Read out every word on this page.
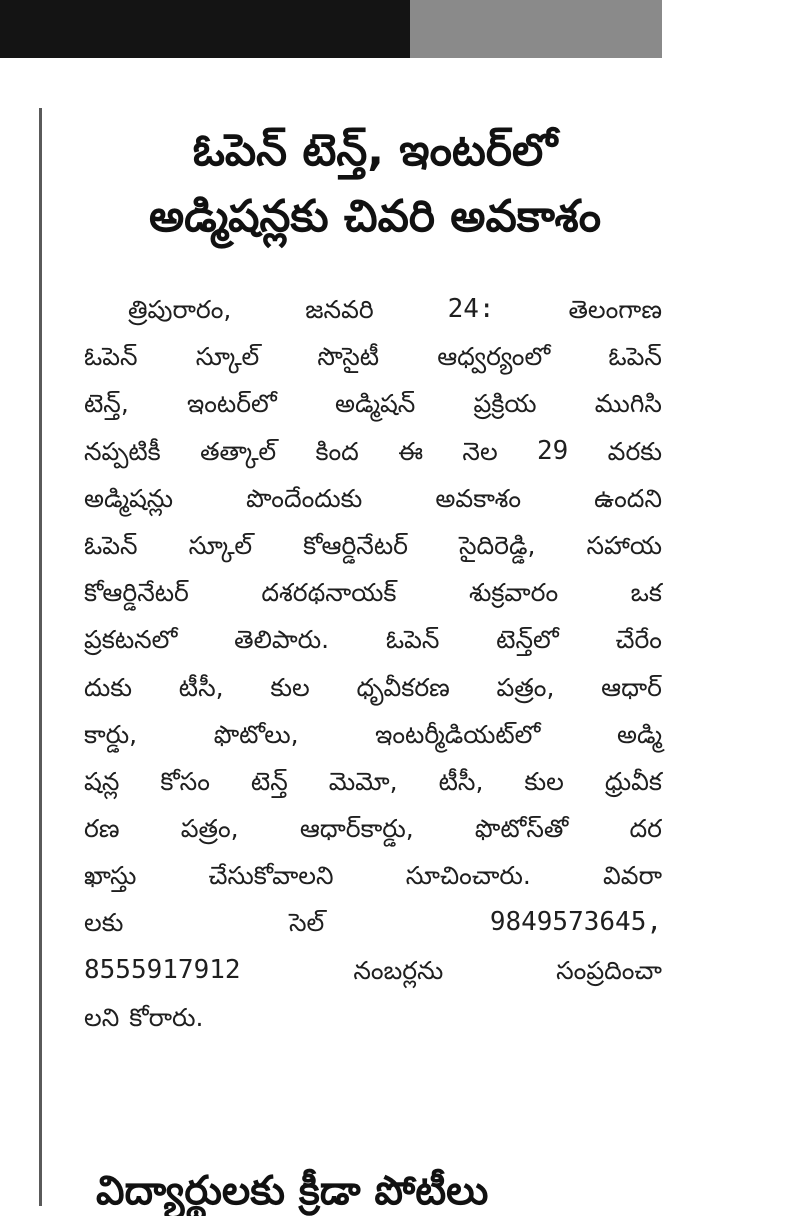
ఓపెన్ టెన్త్, ఇంటర్‌లో
అడ్మిషన్లకు చివరి అవకాశం
త్రిపురారం,	జనవరి	24:	తెలంగాణ
ఓపెన్ స్కూల్ సొసైటీ ఆధ్వర్యంలో ఓపెన్
టెన్త్, ఇంటర్‌లో అడ్మిషన్ ప్రక్రియ ముగిసి
నప్పటికీ తత్కాల్ కింద ఈ నెల 29 వరకు
అడ్మిషన్లు	పొందేందుకు	అవకాశం	ఉందని
ఓపెన్ స్కూల్ కోఆర్డినేటర్ సైదిరెడ్డి, సహాయ
కోఆర్డినేటర్	దశరథనాయక్	శుక్రవారం	ఒక
ప్రకటనలో తెలిపారు. ఓపెన్ టెన్త్‌లో చేరేం
దుకు టీసీ, కుల ధృవీకరణ పత్రం, ఆధార్
కార్డు,	ఫొటోలు,	ఇంటర్మీడియట్‌లో	అడ్మి
షన్ల కోసం టెన్త్ మెమో, టీసీ, కుల ధ్రువీక
రణ పత్రం, ఆధార్‌కార్డు, ఫొటోస్‌తో దర
ఖాస్తు	చేసుకోవాలని	సూచించారు.	వివరా
లకు	సెల్	9849573645,
8555917912	నంబర్లను	సంప్రదించా
లని కోరారు.
విద్యార్థులకు క్రీడా పోటీలు
